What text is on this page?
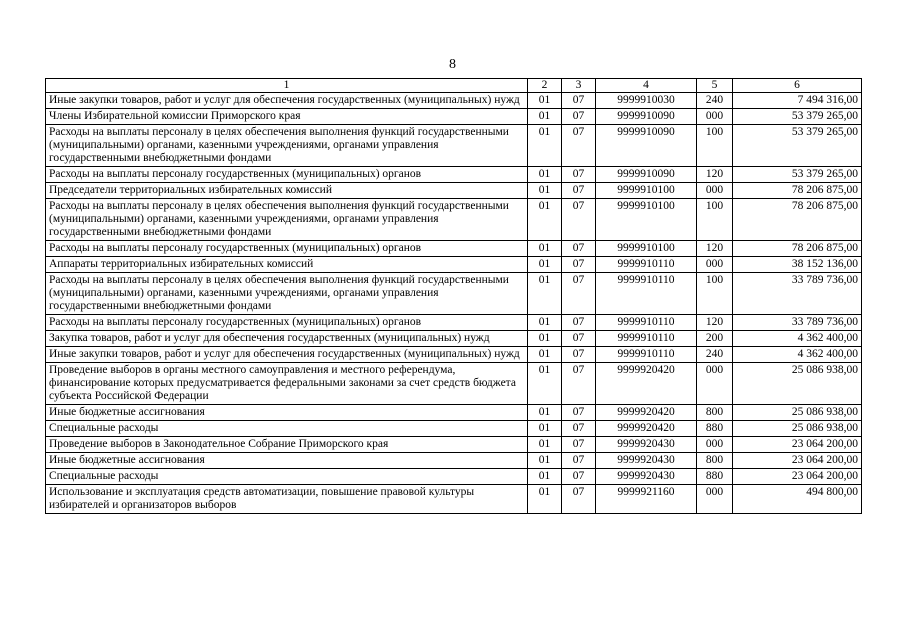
8
1	2	3	4	5	6
Иные закупки товаров, работ и услуг для обеспечения государственных (муниципальных) нужд	01	07	9999910030	240	7 494 316,00
Члены Избирательной комиссии Приморского края	01	07	9999910090	000	53 379 265,00
Расходы на выплаты персоналу в целях обеспечения выполнения функций государственными (муниципальными) органами, казенными учреждениями, органами управления государственными внебюджетными фондами	01	07	9999910090	100	53 379 265,00
Расходы на выплаты персоналу государственных (муниципальных) органов	01	07	9999910090	120	53 379 265,00
Председатели территориальных избирательных комиссий	01	07	9999910100	000	78 206 875,00
Расходы на выплаты персоналу в целях обеспечения выполнения функций государственными (муниципальными) органами, казенными учреждениями, органами управления государственными внебюджетными фондами	01	07	9999910100	100	78 206 875,00
Расходы на выплаты персоналу государственных (муниципальных) органов	01	07	9999910100	120	78 206 875,00
Аппараты территориальных избирательных комиссий	01	07	9999910110	000	38 152 136,00
Расходы на выплаты персоналу в целях обеспечения выполнения функций государственными (муниципальными) органами, казенными учреждениями, органами управления государственными внебюджетными фондами	01	07	9999910110	100	33 789 736,00
Расходы на выплаты персоналу государственных (муниципальных) органов	01	07	9999910110	120	33 789 736,00
Закупка товаров, работ и услуг для обеспечения государственных (муниципальных) нужд	01	07	9999910110	200	4 362 400,00
Иные закупки товаров, работ и услуг для обеспечения государственных (муниципальных) нужд	01	07	9999910110	240	4 362 400,00
Проведение выборов в органы местного самоуправления и местного референдума, финансирование которых предусматривается федеральными законами за счет средств бюджета субъекта Российской Федерации	01	07	9999920420	000	25 086 938,00
Иные бюджетные ассигнования	01	07	9999920420	800	25 086 938,00
Специальные расходы	01	07	9999920420	880	25 086 938,00
Проведение выборов в Законодательное Собрание Приморского края	01	07	9999920430	000	23 064 200,00
Иные бюджетные ассигнования	01	07	9999920430	800	23 064 200,00
Специальные расходы	01	07	9999920430	880	23 064 200,00
Использование и эксплуатация средств автоматизации, повышение правовой культуры избирателей и организаторов выборов	01	07	9999921160	000	494 800,00
